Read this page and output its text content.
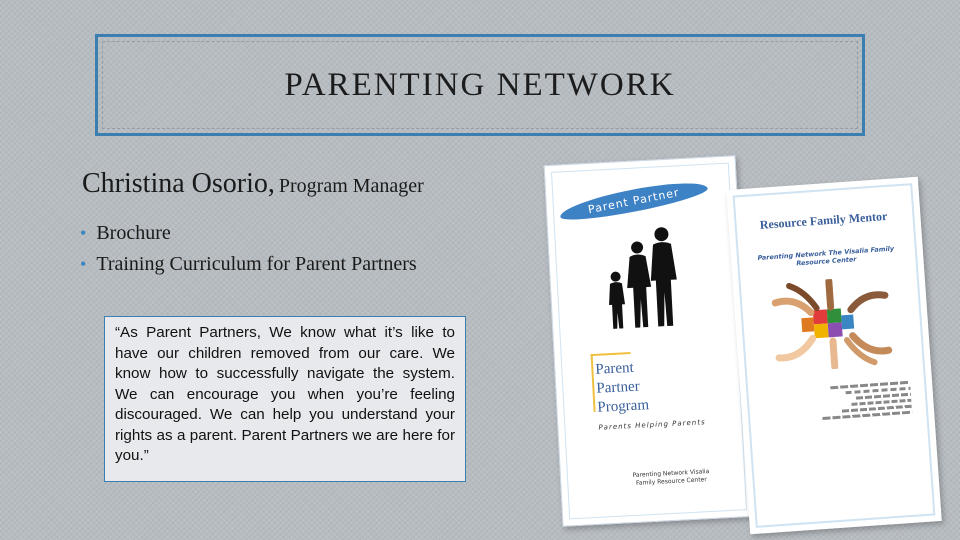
PARENTING NETWORK
Christina Osorio, Program Manager
• Brochure
• Training Curriculum for Parent Partners
“As Parent Partners, We know what it’s like to have our children removed from our care. We know how to successfully navigate the system. We can encourage you when you’re feeling discouraged. We can help you understand your rights as a parent. Parent Partners we are here for you.”
Parent Partner
Parent
Partner
Program
Parents Helping Parents
Parenting Network Visalia Family Resource Center
Resource Family Mentor
Parenting Network The Visalia Family Resource Center
